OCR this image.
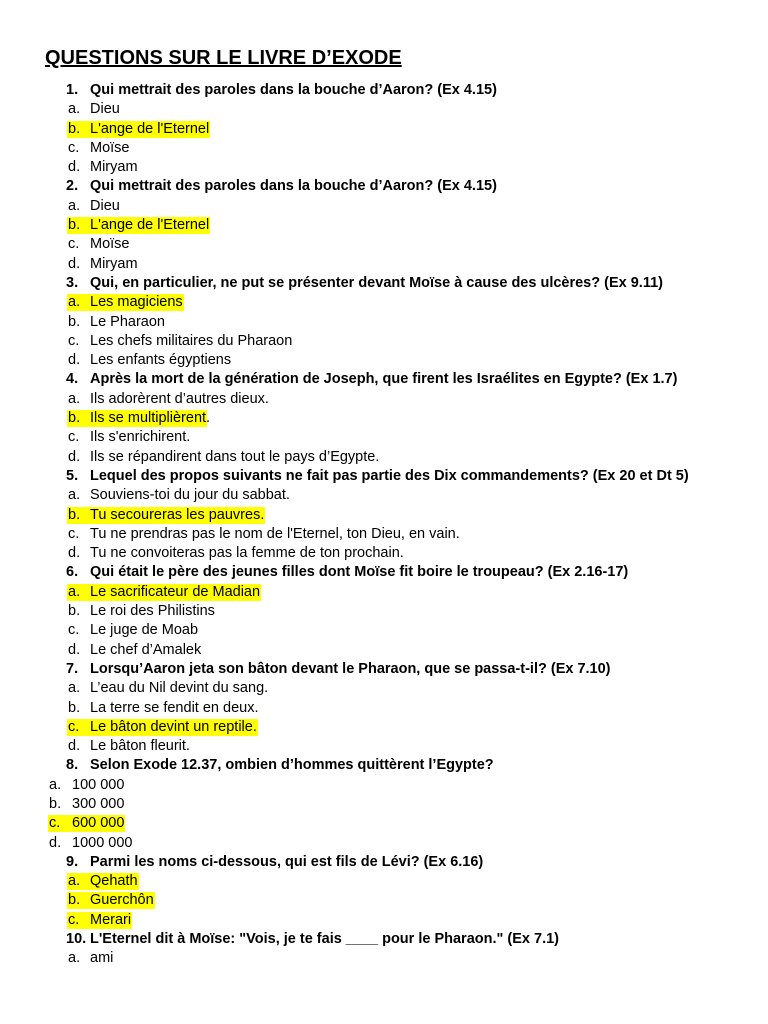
QUESTIONS SUR LE LIVRE D’EXODE
1. Qui mettrait des paroles dans la bouche d’Aaron? (Ex 4.15)
a. Dieu
b. L'ange de l'Eternel
c. Moïse
d. Miryam
2. Qui mettrait des paroles dans la bouche d’Aaron? (Ex 4.15)
a. Dieu
b. L'ange de l'Eternel
c. Moïse
d. Miryam
3. Qui, en particulier, ne put se présenter devant Moïse à cause des ulcères? (Ex 9.11)
a. Les magiciens
b. Le Pharaon
c. Les chefs militaires du Pharaon
d. Les enfants égyptiens
4. Après la mort de la génération de Joseph, que firent les Israélites en Egypte? (Ex 1.7)
a. Ils adorèrent d’autres dieux.
b. Ils se multiplièrent .
c. Ils s'enrichirent.
d. Ils se répandirent dans tout le pays d’Egypte.
5. Lequel des propos suivants ne fait pas partie des Dix commandements? (Ex 20 et Dt 5)
a. Souviens-toi du jour du sabbat.
b. Tu secoureras les pauvres.
c. Tu ne prendras pas le nom de l'Eternel, ton Dieu, en vain.
d. Tu ne convoiteras pas la femme de ton prochain.
6. Qui était le père des jeunes filles dont Moïse fit boire le troupeau? (Ex 2.16-17)
a. Le sacrificateur de Madian
b. Le roi des Philistins
c. Le juge de Moab
d. Le chef d’Amalek
7. Lorsqu’Aaron jeta son bâton devant le Pharaon, que se passa-t-il? (Ex 7.10)
a. L’eau du Nil devint du sang.
b. La terre se fendit en deux.
c. Le bâton devint un reptile.
d. Le bâton fleurit.
8. Selon Exode 12.37, ombien d’hommes quittèrent l’Egypte?
a. 100 000
b. 300 000
c. 600 000
d. 1000 000
9. Parmi les noms ci-dessous, qui est fils de Lévi? (Ex 6.16)
a. Qehath
b. Guerchôn
c. Merari
10. L'Eternel dit à Moïse: "Vois, je te fais ____ pour le Pharaon." (Ex 7.1)
a. ami
